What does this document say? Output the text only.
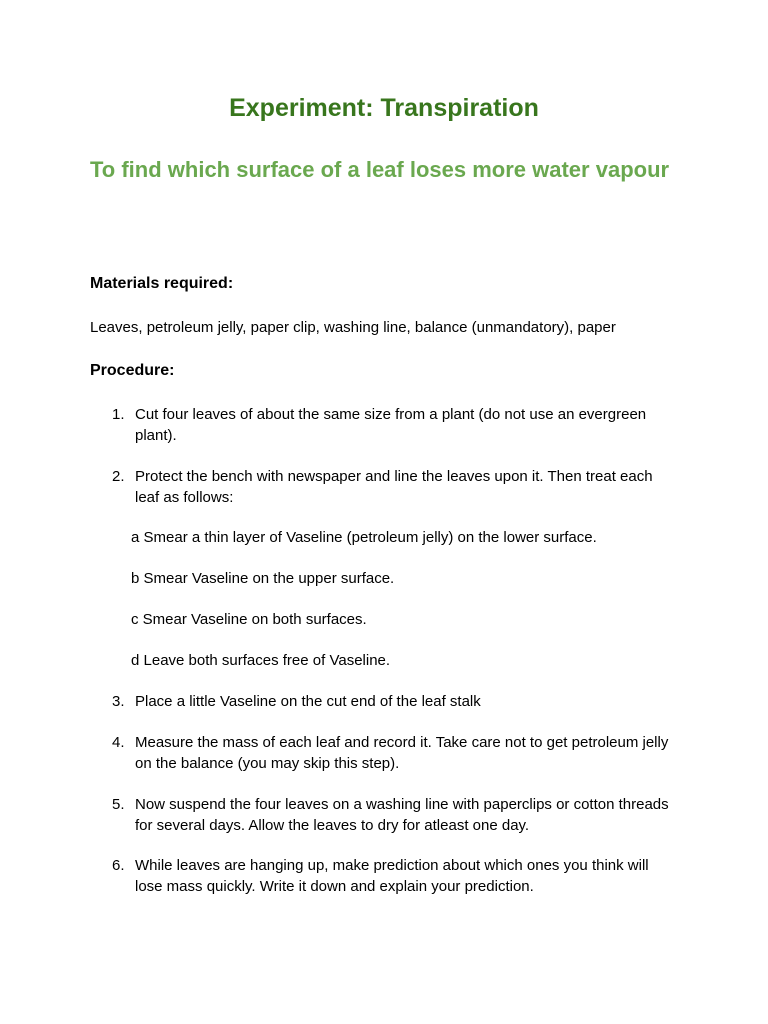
Experiment: Transpiration
To find which surface of a leaf loses more water vapour
Materials required:

Leaves, petroleum jelly, paper clip, washing line, balance (unmandatory), paper

Procedure:
1. Cut four leaves of about the same size from a plant (do not use an evergreen plant).
2. Protect the bench with newspaper and line the leaves upon it. Then treat each leaf as follows:
a Smear a thin layer of Vaseline (petroleum jelly) on the lower surface.
b Smear Vaseline on the upper surface.
c Smear Vaseline on both surfaces.
d Leave both surfaces free of Vaseline.
3. Place a little Vaseline on the cut end of the leaf stalk
4. Measure the mass of each leaf and record it. Take care not to get petroleum jelly on the balance (you may skip this step).
5. Now suspend the four leaves on a washing line with paperclips or cotton threads for several days. Allow the leaves to dry for atleast one day.
6. While leaves are hanging up, make prediction about which ones you think will lose mass quickly. Write it down and explain your prediction.
